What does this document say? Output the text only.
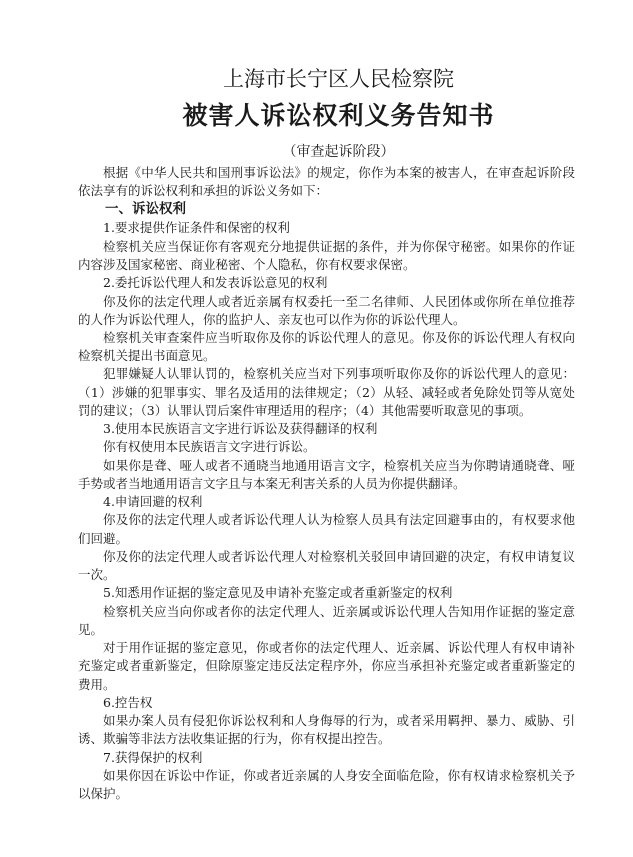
上海市长宁区人民检察院

被害人诉讼权利义务告知书

（审查起诉阶段）

根据《中华人民共和国刑事诉讼法》的规定，你作为本案的被害人，在审查起诉阶段依法享有的诉讼权利和承担的诉讼义务如下：

一、诉讼权利

1.要求提供作证条件和保密的权利

检察机关应当保证你有客观充分地提供证据的条件，并为你保守秘密。如果你的作证内容涉及国家秘密、商业秘密、个人隐私，你有权要求保密。

2.委托诉讼代理人和发表诉讼意见的权利

你及你的法定代理人或者近亲属有权委托一至二名律师、人民团体或你所在单位推荐的人作为诉讼代理人，你的监护人、亲友也可以作为你的诉讼代理人。

检察机关审查案件应当听取你及你的诉讼代理人的意见。你及你的诉讼代理人有权向检察机关提出书面意见。

犯罪嫌疑人认罪认罚的，检察机关应当对下列事项听取你及你的诉讼代理人的意见：（1）涉嫌的犯罪事实、罪名及适用的法律规定；（2）从轻、减轻或者免除处罚等从宽处罚的建议；（3）认罪认罚后案件审理适用的程序；（4）其他需要听取意见的事项。

3.使用本民族语言文字进行诉讼及获得翻译的权利

你有权使用本民族语言文字进行诉讼。

如果你是聋、哑人或者不通晓当地通用语言文字，检察机关应当为你聘请通晓聋、哑手势或者当地通用语言文字且与本案无利害关系的人员为你提供翻译。

4.申请回避的权利

你及你的法定代理人或者诉讼代理人认为检察人员具有法定回避事由的，有权要求他们回避。

你及你的法定代理人或者诉讼代理人对检察机关驳回申请回避的决定，有权申请复议一次。

5.知悉用作证据的鉴定意见及申请补充鉴定或者重新鉴定的权利

检察机关应当向你或者你的法定代理人、近亲属或诉讼代理人告知用作证据的鉴定意见。

对于用作证据的鉴定意见，你或者你的法定代理人、近亲属、诉讼代理人有权申请补充鉴定或者重新鉴定，但除原鉴定违反法定程序外，你应当承担补充鉴定或者重新鉴定的费用。

6.控告权

如果办案人员有侵犯你诉讼权利和人身侮辱的行为，或者采用羁押、暴力、威胁、引诱、欺骗等非法方法收集证据的行为，你有权提出控告。

7.获得保护的权利

如果你因在诉讼中作证，你或者近亲属的人身安全面临危险，你有权请求检察机关予以保护。
